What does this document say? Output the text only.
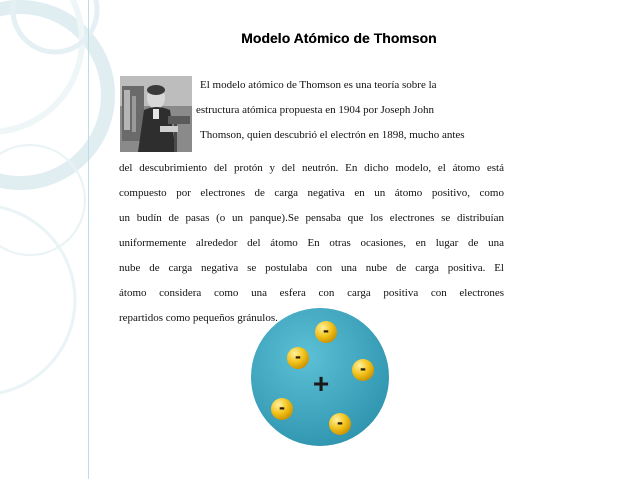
Modelo Atómico de Thomson
El modelo atómico de Thomson es una teoría sobre la
estructura atómica propuesta en 1904 por Joseph John
Thomson, quien descubrió el electrón en 1898, mucho antes
del descubrimiento del protón y del neutrón. En dicho modelo, el átomo está
compuesto por electrones de carga negativa en un átomo positivo, como
un budín de pasas (o un panque).Se pensaba que los electrones se distribuían
uniformemente alrededor del átomo En otras ocasiones, en lugar de una
nube de carga negativa se postulaba con una nube de carga positiva. El
átomo considera como una esfera con carga positiva con electrones
repartidos como pequeños gránulos.
-
-
-
-
-
+
